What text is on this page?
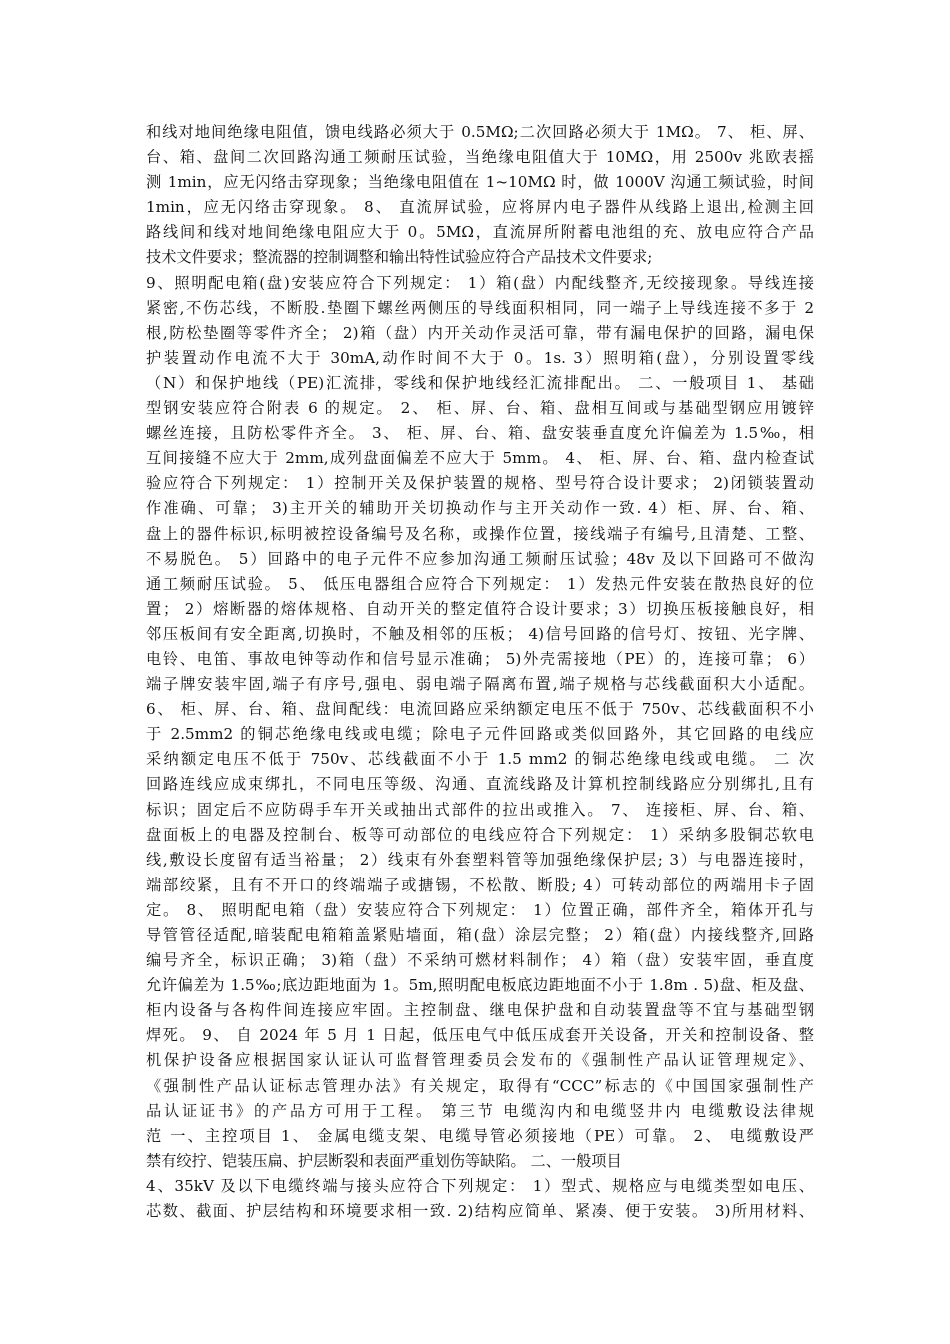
和线对地间绝缘电阻值，馈电线路必须大于 0.5MΩ;二次回路必须大于 1MΩ。 7、 柜、屏、
台、箱、盘间二次回路沟通工频耐压试验，当绝缘电阻值大于 10MΩ，用 2500v 兆欧表摇
测 1min，应无闪络击穿现象；当绝缘电阻值在 1~10MΩ 时，做 1000V 沟通工频试验，时间
1min，应无闪络击穿现象。 8、 直流屏试验，应将屏内电子器件从线路上退出,检测主回
路线间和线对地间绝缘电阻应大于 0。5MΩ，直流屏所附蓄电池组的充、放电应符合产品
技术文件要求；整流器的控制调整和输出特性试验应符合产品技术文件要求;
9、照明配电箱(盘)安装应符合下列规定： 1）箱(盘）内配线整齐,无绞接现象。导线连接
紧密,不伤芯线，不断股.垫圈下螺丝两侧压的导线面积相同，同一端子上导线连接不多于 2
根,防松垫圈等零件齐全； 2)箱（盘）内开关动作灵活可靠，带有漏电保护的回路，漏电保
护装置动作电流不大于 30mA,动作时间不大于 0。1s. 3）照明箱(盘），分别设置零线
（N）和保护地线（PE)汇流排，零线和保护地线经汇流排配出。 二、一般项目 1、 基础
型钢安装应符合附表 6 的规定。 2、 柜、屏、台、箱、盘相互间或与基础型钢应用镀锌
螺丝连接，且防松零件齐全。 3、 柜、屏、台、箱、盘安装垂直度允许偏差为 1.5‰，相
互间接缝不应大于 2mm,成列盘面偏差不应大于 5mm。 4、 柜、屏、台、箱、盘内检查试
验应符合下列规定： 1）控制开关及保护装置的规格、型号符合设计要求； 2)闭锁装置动
作准确、可靠； 3)主开关的辅助开关切换动作与主开关动作一致. 4）柜、屏、台、箱、
盘上的器件标识,标明被控设备编号及名称，或操作位置，接线端子有编号,且清楚、工整、
不易脱色。 5）回路中的电子元件不应参加沟通工频耐压试验；48v 及以下回路可不做沟
通工频耐压试验。 5、 低压电器组合应符合下列规定： 1）发热元件安装在散热良好的位
置； 2）熔断器的熔体规格、自动开关的整定值符合设计要求；3）切换压板接触良好，相
邻压板间有安全距离,切换时，不触及相邻的压板； 4)信号回路的信号灯、按钮、光字牌、
电铃、电笛、事故电钟等动作和信号显示准确； 5)外壳需接地（PE）的，连接可靠； 6）
端子牌安装牢固,端子有序号,强电、弱电端子隔离布置,端子规格与芯线截面积大小适配。
6、 柜、屏、台、箱、盘间配线：电流回路应采纳额定电压不低于 750v、芯线截面积不小
于 2.5mm2 的铜芯绝缘电线或电缆；除电子元件回路或类似回路外，其它回路的电线应
采纳额定电压不低于 750v、芯线截面不小于 1.5 mm2 的铜芯绝缘电线或电缆。 二 次
回路连线应成束绑扎，不同电压等级、沟通、直流线路及计算机控制线路应分别绑扎,且有
标识；固定后不应防碍手车开关或抽出式部件的拉出或推入。 7、 连接柜、屏、台、箱、
盘面板上的电器及控制台、板等可动部位的电线应符合下列规定： 1）采纳多股铜芯软电
线,敷设长度留有适当裕量； 2）线束有外套塑料管等加强绝缘保护层; 3）与电器连接时，
端部绞紧，且有不开口的终端端子或搪锡，不松散、断股; 4）可转动部位的两端用卡子固
定。 8、 照明配电箱（盘）安装应符合下列规定： 1）位置正确，部件齐全，箱体开孔与
导管管径适配,暗装配电箱箱盖紧贴墙面，箱(盘）涂层完整； 2）箱(盘）内接线整齐,回路
编号齐全，标识正确； 3)箱（盘）不采纳可燃材料制作； 4）箱（盘）安装牢固，垂直度
允许偏差为 1.5‰;底边距地面为 1。5m,照明配电板底边距地面不小于 1.8m . 5)盘、柜及盘、
柜内设备与各构件间连接应牢固。主控制盘、继电保护盘和自动装置盘等不宜与基础型钢
焊死。 9、 自 2024 年 5 月 1 日起，低压电气中低压成套开关设备，开关和控制设备、整
机保护设备应根据国家认证认可监督管理委员会发布的《强制性产品认证管理规定》、
《强制性产品认证标志管理办法》有关规定，取得有“CCC”标志的《中国国家强制性产
品认证证书》的产品方可用于工程。 第三节 电缆沟内和电缆竖井内 电缆敷设法律规
范 一、主控项目 1、 金属电缆支架、电缆导管必须接地（PE）可靠。 2、 电缆敷设严
禁有绞拧、铠装压扁、护层断裂和表面严重划伤等缺陷。 二、一般项目
4、35kV 及以下电缆终端与接头应符合下列规定： 1）型式、规格应与电缆类型如电压、
芯数、截面、护层结构和环境要求相一致. 2)结构应简单、紧凑、便于安装。 3)所用材料、
